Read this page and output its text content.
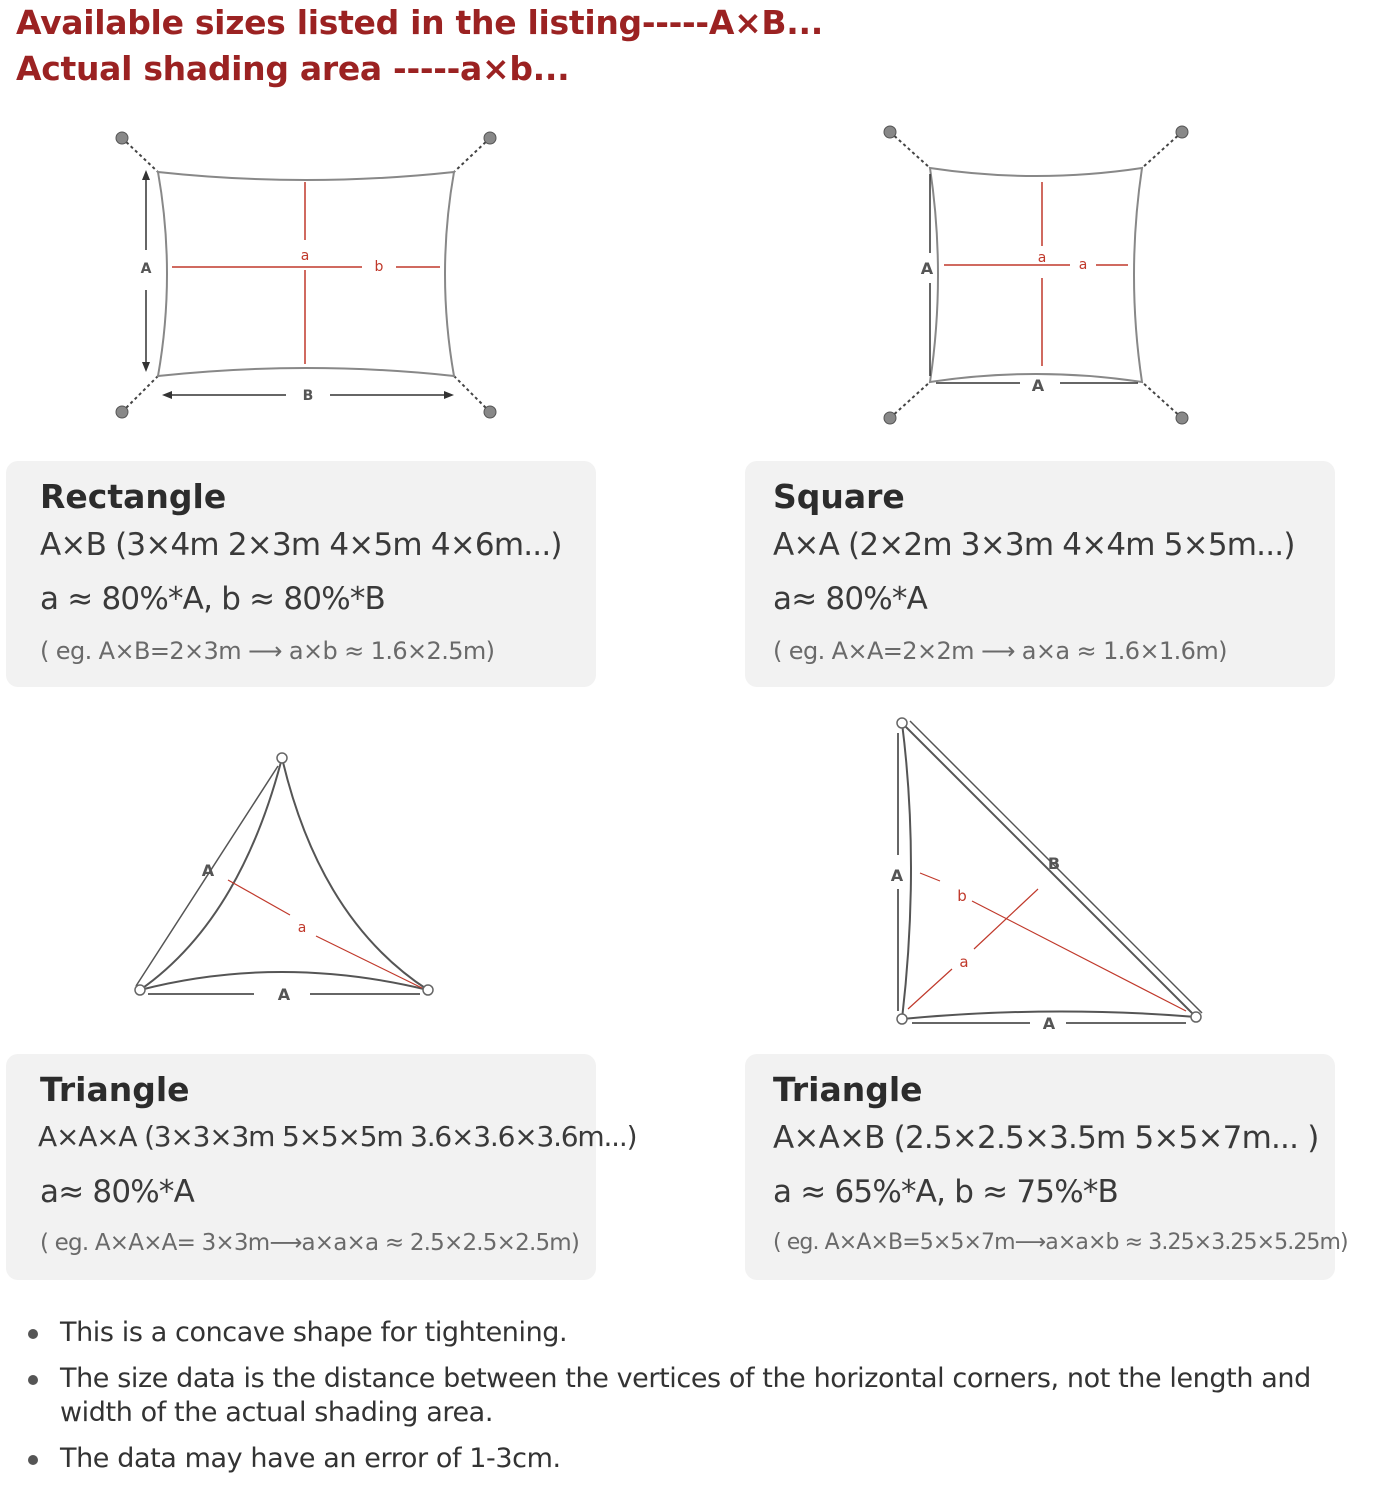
Available sizes listed in the listing-----A×B...
Actual shading area -----a×b...
A
B
a
b	A
A
a a
A
A
a
A
A
B
b
a
Rectangle
A×B (3×4m 2×3m 4×5m 4×6m...)
a ≈ 80%*A, b ≈ 80%*B
( eg. A×B=2×3m ⟶ a×b ≈ 1.6×2.5m)
Square
A×A (2×2m 3×3m 4×4m 5×5m...)
a≈ 80%*A
( eg. A×A=2×2m ⟶ a×a ≈ 1.6×1.6m)
Triangle
A×A×A (3×3×3m 5×5×5m 3.6×3.6×3.6m...)
a≈ 80%*A
( eg. A×A×A= 3×3m⟶a×a×a ≈ 2.5×2.5×2.5m)
Triangle
A×A×B (2.5×2.5×3.5m 5×5×7m... )
a ≈ 65%*A, b ≈ 75%*B
( eg. A×A×B=5×5×7m⟶a×a×b ≈ 3.25×3.25×5.25m)
This is a concave shape for tightening.
The size data is the distance between the vertices of the horizontal corners, not the length and width of the actual shading area.
The data may have an error of 1-3cm.
